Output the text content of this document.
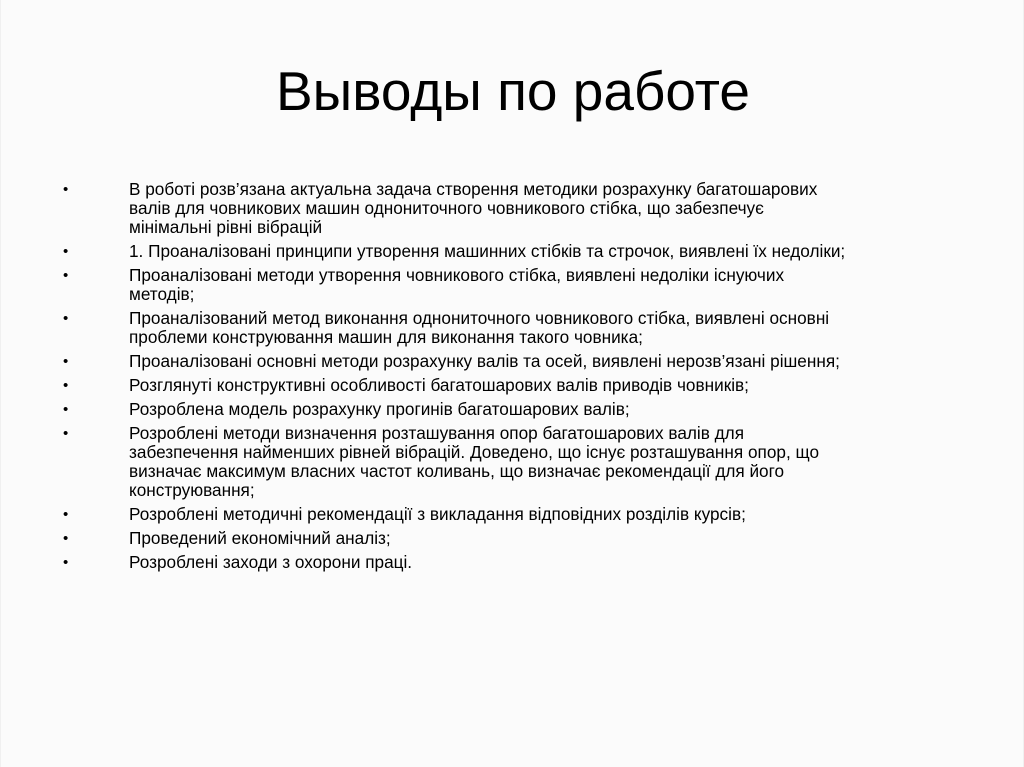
Выводы по работе
•	В роботі розв’язана актуальна задача створення методики розрахунку багатошарових
валів для човникових машин однониточного човникового стібка, що забезпечує
мінімальні рівні вібрацій
•	1. Проаналізовані принципи утворення машинних стібків та строчок, виявлені їх недоліки;
•	Проаналізовані методи утворення човникового стібка, виявлені недоліки існуючих
методів;
•	Проаналізований метод виконання однониточного човникового стібка, виявлені основні
проблеми конструювання машин для виконання такого човника;
•	Проаналізовані основні методи розрахунку валів та осей, виявлені нерозв’язані рішення;
•	Розглянуті конструктивні особливості багатошарових валів приводів човників;
•	Розроблена модель розрахунку прогинів багатошарових валів;
•	Розроблені методи визначення розташування опор багатошарових валів для
забезпечення найменших рівней вібрацій. Доведено, що існує розташування опор, що
визначає максимум власних частот коливань, що визначає рекомендації для його
конструювання;
•	Розроблені методичні рекомендації з викладання відповідних розділів курсів;
•	Проведений економічний аналіз;
•	Розроблені заходи з охорони праці.
